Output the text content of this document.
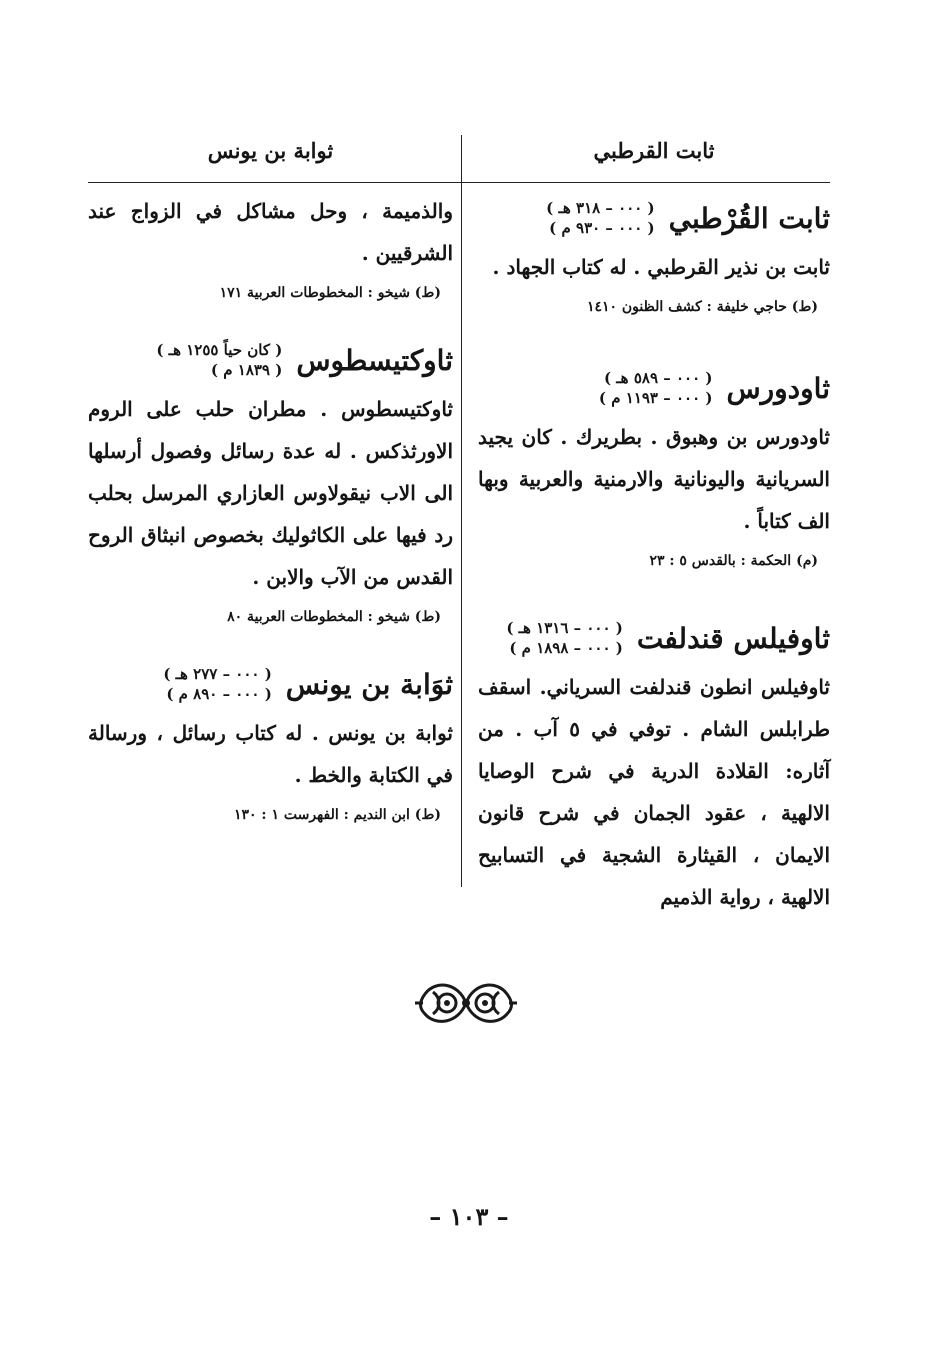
ثابت القرطبي
ثابت القُرْطبي
( ٠٠٠ – ٣١٨ هـ )
( ٠٠٠ – ٩٣٠ م )
ثابت بن نذير القرطبي . له كتاب الجهاد .
(ط) حاجي خليفة : كشف الظنون ١٤١٠
ثاودورس
( ٠٠٠ – ٥٨٩ هـ )
( ٠٠٠ – ١١٩٣ م )
ثاودورس بن وهبوق . بطريرك . كان يجيد السريانية واليونانية والارمنية والعربية وبها الف كتاباً .
(م) الحكمة : بالقدس ٥ : ٢٣
ثاوفيلس قندلفت
( ٠٠٠ – ١٣١٦ هـ )
( ٠٠٠ – ١٨٩٨ م )
ثاوفيلس انطون قندلفت السرياني. اسقف طرابلس الشام . توفي في ٥ آب . من آثاره: القلادة الدرية في شرح الوصايا الالهية ، عقود الجمان في شرح قانون الايمان ، القيثارة الشجية في التسابيح الالهية ، رواية الذميم
ثوابة بن يونس
والذميمة ، وحل مشاكل في الزواج عند الشرقيين .
(ط) شيخو : المخطوطات العربية ١٧١
ثاوكتيسطوس
( كان حياً ١٢٥٥ هـ )
( ١٨٣٩ م )
ثاوكتيسطوس . مطران حلب على الروم الاورثذكس . له عدة رسائل وفصول أرسلها الى الاب نيقولاوس العازاري المرسل بحلب رد فيها على الكاثوليك بخصوص انبثاق الروح القدس من الآب والابن .
(ط) شيخو : المخطوطات العربية ٨٠
ثوَابة بن يونس
( ٠٠٠ – ٢٧٧ هـ )
( ٠٠٠ – ٨٩٠ م )
ثوابة بن يونس . له كتاب رسائل ، ورسالة في الكتابة والخط .
(ط) ابن النديم : الفهرست ١ : ١٣٠
– ١٠٣ –
